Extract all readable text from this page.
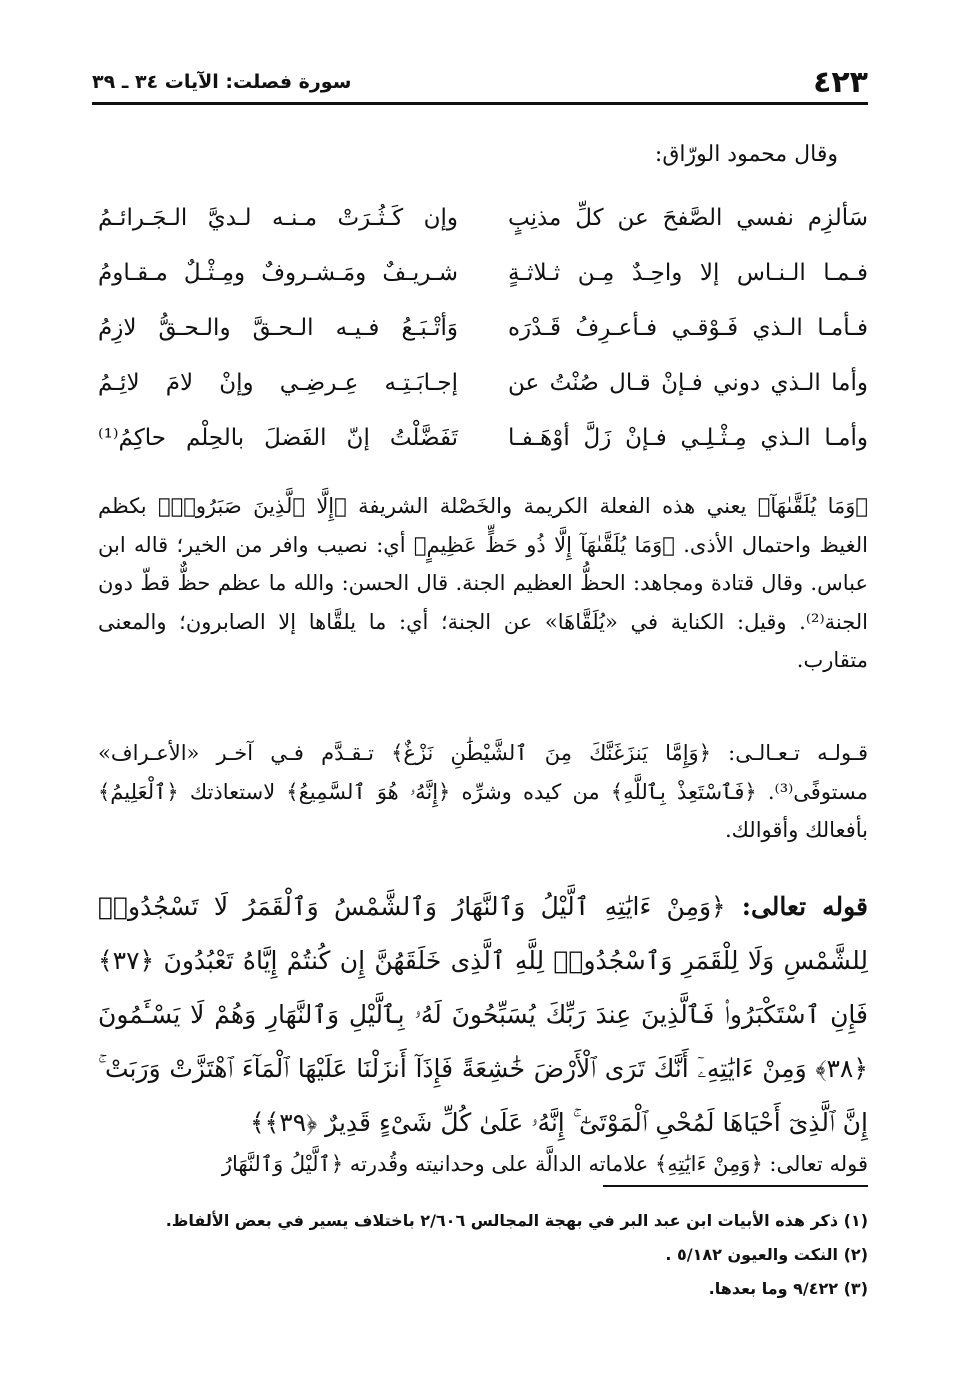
٤٢٣
سورة فصلت: الآيات ٣٤ ـ ٣٩
وقال محمود الورّاق:
سَألزِم نفسي الصَّفحَ عن كلِّ مذنِبٍ
وإن كَـثُـرَتْ مـنـه لـديَّ الـجَـرائـمُ
فـمـا الـنـاس إلا واحِـدٌ مِـن ثـلاثـةٍ
شـريـفٌ ومَـشـروفٌ ومِـثْـلٌ مـقـاومُ
فـأمـا الـذي فَـوْقـي فـأعـرِفُ قَـدْرَه
وَأتْـبَـعُ فـيـه الـحـقَّ والـحـقُّ لازِمُ
وأما الـذي دوني فـإنْ قـال صُنْتُ عن
إجـابَـتِـه عِـرضِـي وإنْ لامَ لائِـمُ
وأمـا الـذي مِـثْـلِـي فـإنْ زَلَّ أوْهَـفـا
تَفَضَّلْتُ إنّ الفَضلَ بالحِلْم حاكِمُ⁽¹⁾

﴿وَمَا يُلَقَّىٰهَآ﴾ يعني هذه الفعلة الكريمة والخَصْلة الشريفة ﴿إِلَّا ٱلَّذِينَ صَبَرُوا۟﴾ بكظم الغيظ واحتمال الأذى. ﴿وَمَا يُلَقَّىٰهَآ إِلَّا ذُو حَظٍّ عَظِيمٍ﴾ أي: نصيب وافر من الخير؛ قاله ابن عباس. وقال قتادة ومجاهد: الحظُّ العظيم الجنة. قال الحسن: والله ما عظم حظٌّ قطّ دون الجنة⁽²⁾. وقيل: الكناية في «يُلَقَّاهَا» عن الجنة؛ أي: ما يلقَّاها إلا الصابرون؛ والمعنى متقارب.

قـولـه تـعـالـى: ﴿وَإِمَّا يَنزَغَنَّكَ مِنَ ٱلشَّيْطَٰنِ نَزْغٌ﴾ تـقـدَّم فـي آخـر «الأعـراف» مستوفًى⁽³⁾. ﴿فَٱسْتَعِذْ بِٱللَّهِ﴾ من كيده وشرِّه ﴿إِنَّهُۥ هُوَ ٱلسَّمِيعُ﴾ لاستعاذتك ﴿ٱلْعَلِيمُ﴾ بأفعالك وأقوالك.

قوله تعالى: ﴿وَمِنْ ءَايَٰتِهِ ٱلَّيْلُ وَٱلنَّهَارُ وَٱلشَّمْسُ وَٱلْقَمَرُ لَا تَسْجُدُوا۟ لِلشَّمْسِ وَلَا لِلْقَمَرِ وَٱسْجُدُوا۟ لِلَّهِ ٱلَّذِى خَلَقَهُنَّ إِن كُنتُمْ إِيَّاهُ تَعْبُدُونَ ﴿٣٧﴾ فَإِنِ ٱسْتَكْبَرُوا۟ فَٱلَّذِينَ عِندَ رَبِّكَ يُسَبِّحُونَ لَهُۥ بِٱلَّيْلِ وَٱلنَّهَارِ وَهُمْ لَا يَسْـَٔمُونَ ﴿٣٨﴾ وَمِنْ ءَايَٰتِهِۦٓ أَنَّكَ تَرَى ٱلْأَرْضَ خَٰشِعَةً فَإِذَآ أَنزَلْنَا عَلَيْهَا ٱلْمَآءَ ٱهْتَزَّتْ وَرَبَتْ ۚ إِنَّ ٱلَّذِىٓ أَحْيَاهَا لَمُحْىِ ٱلْمَوْتَىٰٓ ۚ إِنَّهُۥ عَلَىٰ كُلِّ شَىْءٍ قَدِيرٌ ﴿٣٩﴾﴾

قوله تعالى: ﴿وَمِنْ ءَايَٰتِهِ﴾ علاماته الدالَّة على وحدانيته وقُدرته ﴿ٱلَّيْلُ وَٱلنَّهَارُ

(١) ذكر هذه الأبيات ابن عبد البر في بهجة المجالس ٢/٦٠٦ باختلاف يسير في بعض الألفاظ.
(٢) النكت والعيون ٥/١٨٢ .
(٣) ٩/٤٢٢ وما بعدها.
